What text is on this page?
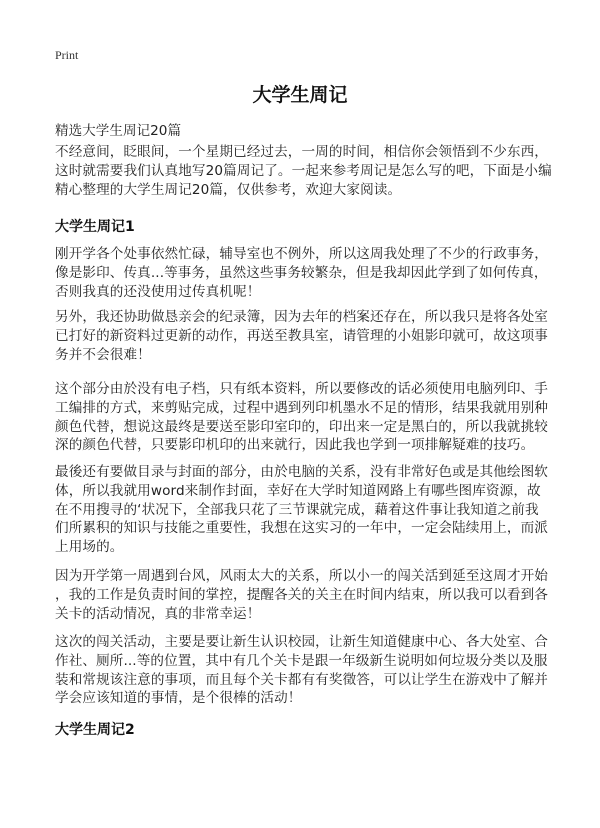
Print
大学生周记
精选大学生周记20篇
不经意间，眨眼间，一个星期已经过去，一周的时间，相信你会领悟到不少东西，
这时就需要我们认真地写20篇周记了。一起来参考周记是怎么写的吧，下面是小编
精心整理的大学生周记20篇，仅供参考，欢迎大家阅读。
大学生周记1
刚开学各个处事依然忙碌，辅导室也不例外，所以这周我处理了不少的行政事务，
像是影印、传真...等事务，虽然这些事务较繁杂，但是我却因此学到了如何传真，
否则我真的还没使用过传真机呢！
另外，我还协助做恳亲会的纪录簿，因为去年的档案还存在，所以我只是将各处室
已打好的新资料过更新的动作，再送至教具室，请管理的小姐影印就可，故这项事
务并不会很难！
这个部分由於没有电子档，只有纸本资料，所以要修改的话必须使用电脑列印、手
工编排的方式，来剪贴完成，过程中遇到列印机墨水不足的情形，结果我就用别种
颜色代替，想说这最终是要送至影印室印的，印出来一定是黑白的，所以我就挑较
深的颜色代替，只要影印机印的出来就行，因此我也学到一项排解疑难的技巧。
最後还有要做目录与封面的部分，由於电脑的关系，没有非常好色或是其他绘图软
体，所以我就用word来制作封面，幸好在大学时知道网路上有哪些图库资源，故
在不用搜寻的‘状况下，全部我只花了三节课就完成，藉着这件事让我知道之前我
们所累积的知识与技能之重要性，我想在这实习的一年中，一定会陆续用上，而派
上用场的。
因为开学第一周遇到台风，风雨太大的关系，所以小一的闯关活到延至这周才开始
，我的工作是负责时间的掌控，提醒各关的关主在时间内结束，所以我可以看到各
关卡的活动情况，真的非常幸运！
这次的闯关活动，主要是要让新生认识校园，让新生知道健康中心、各大处室、合
作社、厕所...等的位置，其中有几个关卡是跟一年级新生说明如何垃圾分类以及服
装和常规该注意的事项，而且每个关卡都有有奖徵答，可以让学生在游戏中了解并
学会应该知道的事情，是个很棒的活动！
大学生周记2
